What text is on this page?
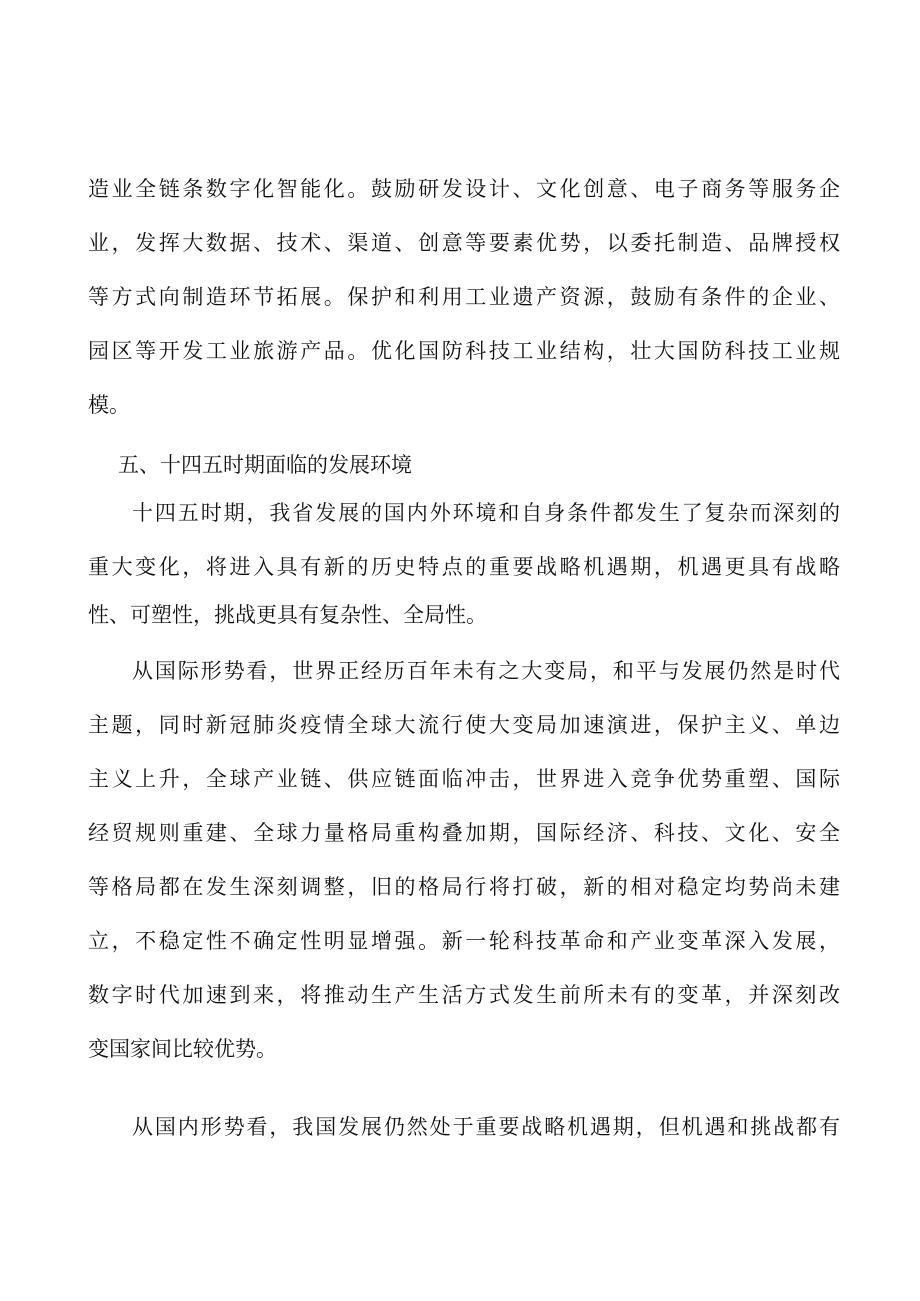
造业全链条数字化智能化。鼓励研发设计、文化创意、电子商务等服务企
业，发挥大数据、技术、渠道、创意等要素优势，以委托制造、品牌授权
等方式向制造环节拓展。保护和利用工业遗产资源，鼓励有条件的企业、
园区等开发工业旅游产品。优化国防科技工业结构，壮大国防科技工业规
模。
五、十四五时期面临的发展环境
十四五时期，我省发展的国内外环境和自身条件都发生了复杂而深刻的
重大变化，将进入具有新的历史特点的重要战略机遇期，机遇更具有战略
性、可塑性，挑战更具有复杂性、全局性。
从国际形势看，世界正经历百年未有之大变局，和平与发展仍然是时代
主题，同时新冠肺炎疫情全球大流行使大变局加速演进，保护主义、单边
主义上升，全球产业链、供应链面临冲击，世界进入竞争优势重塑、国际
经贸规则重建、全球力量格局重构叠加期，国际经济、科技、文化、安全
等格局都在发生深刻调整，旧的格局行将打破，新的相对稳定均势尚未建
立，不稳定性不确定性明显增强。新一轮科技革命和产业变革深入发展，
数字时代加速到来，将推动生产生活方式发生前所未有的变革，并深刻改
变国家间比较优势。
从国内形势看，我国发展仍然处于重要战略机遇期，但机遇和挑战都有
